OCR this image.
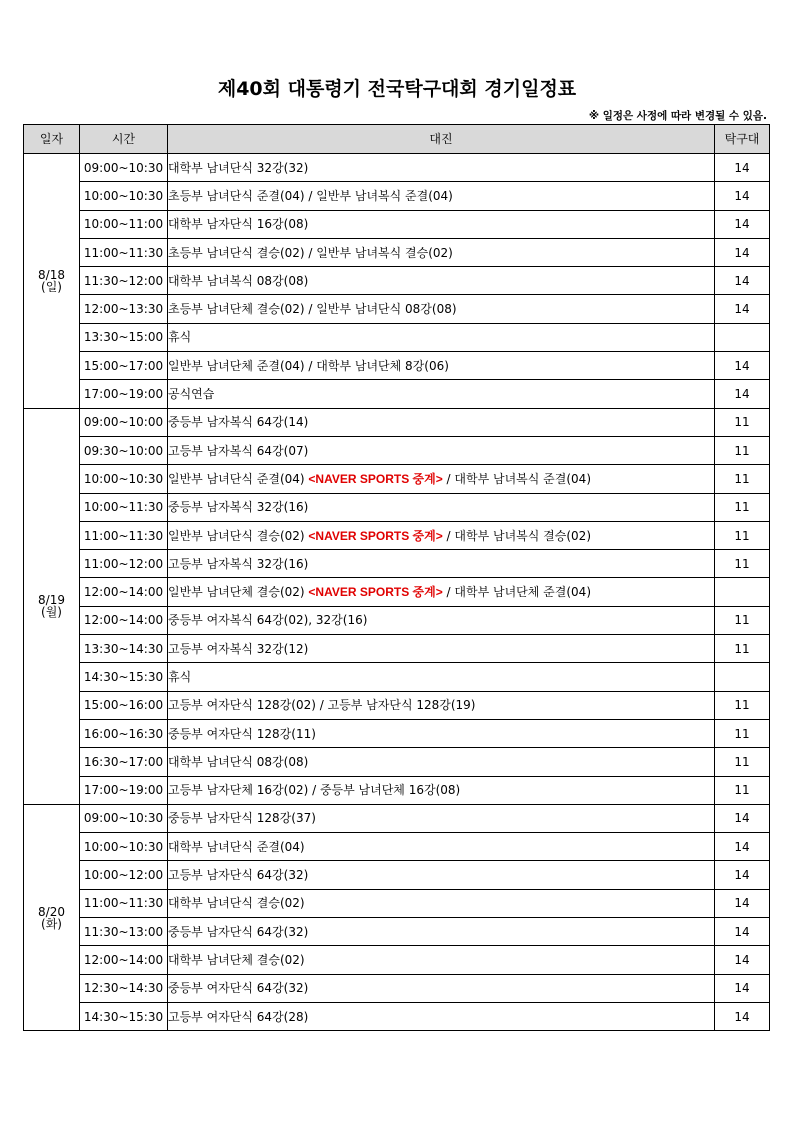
제40회 대통령기 전국탁구대회 경기일정표
※ 일정은 사정에 따라 변경될 수 있음.
일자	시간	대진	탁구대

8/18
(일)	09:00~10:30	대학부 남녀단식 32강(32)	14
	10:00~10:30	초등부 남녀단식 준결(04) / 일반부 남녀복식 준결(04)	14
	10:00~11:00	대학부 남자단식 16강(08)	14
	11:00~11:30	초등부 남녀단식 결승(02) / 일반부 남녀복식 결승(02)	14
	11:30~12:00	대학부 남녀복식 08강(08)	14
	12:00~13:30	초등부 남녀단체 결승(02) / 일반부 남녀단식 08강(08)	14
	13:30~15:00	휴식	
	15:00~17:00	일반부 남녀단체 준결(04) / 대학부 남녀단체 8강(06)	14
	17:00~19:00	공식연습	14

8/19
(월)	09:00~10:00	중등부 남자복식 64강(14)	11
	09:30~10:00	고등부 남자복식 64강(07)	11
	10:00~10:30	일반부 남녀단식 준결(04) <NAVER SPORTS 중계> / 대학부 남녀복식 준결(04)	11
	10:00~11:30	중등부 남자복식 32강(16)	11
	11:00~11:30	일반부 남녀단식 결승(02) <NAVER SPORTS 중계> / 대학부 남녀복식 결승(02)	11
	11:00~12:00	고등부 남자복식 32강(16)	11
	12:00~14:00	일반부 남녀단체 결승(02) <NAVER SPORTS 중계> / 대학부 남녀단체 준결(04)	
	12:00~14:00	중등부 여자복식 64강(02), 32강(16)	11
	13:30~14:30	고등부 여자복식 32강(12)	11
	14:30~15:30	휴식	
	15:00~16:00	고등부 여자단식 128강(02) / 고등부 남자단식 128강(19)	11
	16:00~16:30	중등부 여자단식 128강(11)	11
	16:30~17:00	대학부 남녀단식 08강(08)	11
	17:00~19:00	고등부 남자단체 16강(02) / 중등부 남녀단체 16강(08)	11

8/20
(화)	09:00~10:30	중등부 남자단식 128강(37)	14
	10:00~10:30	대학부 남녀단식 준결(04)	14
	10:00~12:00	고등부 남자단식 64강(32)	14
	11:00~11:30	대학부 남녀단식 결승(02)	14
	11:30~13:00	중등부 남자단식 64강(32)	14
	12:00~14:00	대학부 남녀단체 결승(02)	14
	12:30~14:30	중등부 여자단식 64강(32)	14
	14:30~15:30	고등부 여자단식 64강(28)	14
